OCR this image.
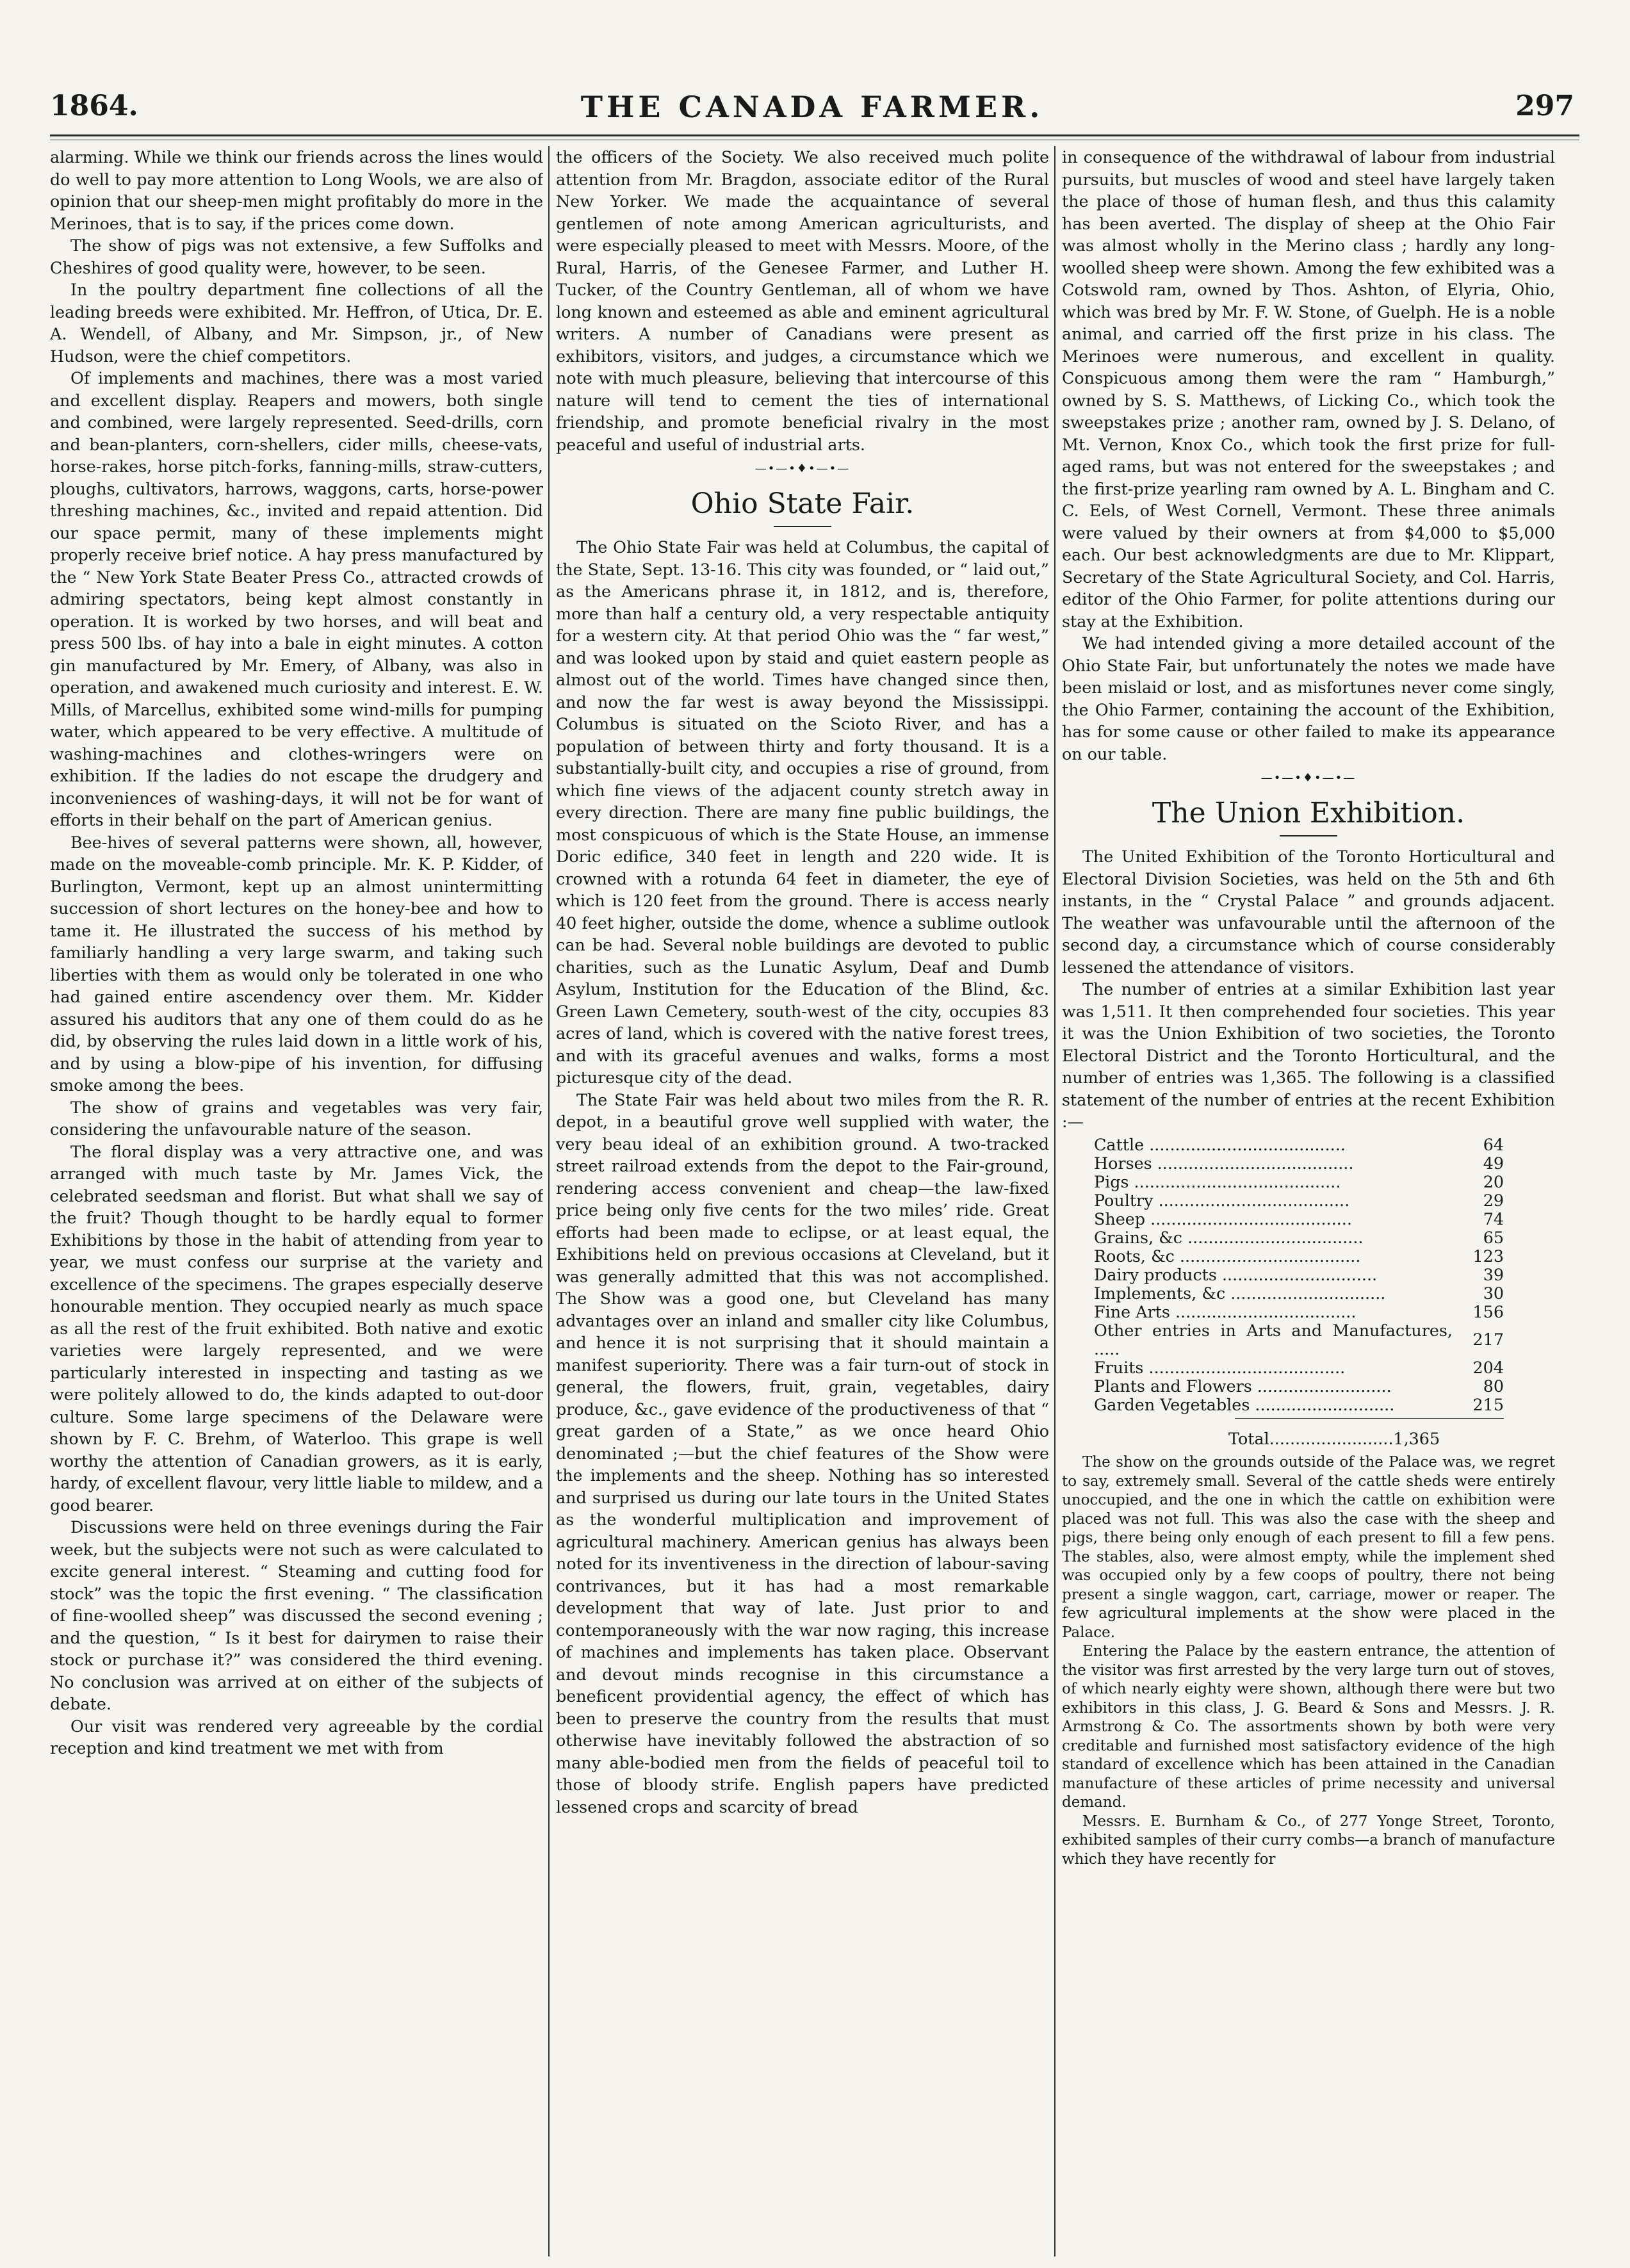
1864.	THE CANADA FARMER.	297

alarming. While we think our friends across the lines would do well to pay more attention to Long Wools, we are also of opinion that our sheep-men might profitably do more in the Merinoes, that is to say, if the prices come down.

The show of pigs was not extensive, a few Suffolks and Cheshires of good quality were, however, to be seen.

In the poultry department fine collections of all the leading breeds were exhibited. Mr. Heffron, of Utica, Dr. E. A. Wendell, of Albany, and Mr. Simpson, jr., of New Hudson, were the chief competitors.

Of implements and machines, there was a most varied and excellent display. Reapers and mowers, both single and combined, were largely represented. Seed-drills, corn and bean-planters, corn-shellers, cider mills, cheese-vats, horse-rakes, horse pitch-forks, fanning-mills, straw-cutters, ploughs, cultivators, harrows, waggons, carts, horse-power threshing machines, &c., invited and repaid attention. Did our space permit, many of these implements might properly receive brief notice. A hay press manufactured by the “ New York State Beater Press Co., attracted crowds of admiring spectators, being kept almost constantly in operation. It is worked by two horses, and will beat and press 500 lbs. of hay into a bale in eight minutes. A cotton gin manufactured by Mr. Emery, of Albany, was also in operation, and awakened much curiosity and interest. E. W. Mills, of Marcellus, exhibited some wind-mills for pumping water, which appeared to be very effective. A multitude of washing-machines and clothes-wringers were on exhibition. If the ladies do not escape the drudgery and inconveniences of washing-days, it will not be for want of efforts in their behalf on the part of American genius.

Bee-hives of several patterns were shown, all, however, made on the moveable-comb principle. Mr. K. P. Kidder, of Burlington, Vermont, kept up an almost unintermitting succession of short lectures on the honey-bee and how to tame it. He illustrated the success of his method by familiarly handling a very large swarm, and taking such liberties with them as would only be tolerated in one who had gained entire ascendency over them. Mr. Kidder assured his auditors that any one of them could do as he did, by observing the rules laid down in a little work of his, and by using a blow-pipe of his invention, for diffusing smoke among the bees.

The show of grains and vegetables was very fair, considering the unfavourable nature of the season.

The floral display was a very attractive one, and was arranged with much taste by Mr. James Vick, the celebrated seedsman and florist. But what shall we say of the fruit? Though thought to be hardly equal to former Exhibitions by those in the habit of attending from year to year, we must confess our surprise at the variety and excellence of the specimens. The grapes especially deserve honourable mention. They occupied nearly as much space as all the rest of the fruit exhibited. Both native and exotic varieties were largely represented, and we were particularly interested in inspecting and tasting as we were politely allowed to do, the kinds adapted to out-door culture. Some large specimens of the Delaware were shown by F. C. Brehm, of Waterloo. This grape is well worthy the attention of Canadian growers, as it is early, hardy, of excellent flavour, very little liable to mildew, and a good bearer.

Discussions were held on three evenings during the Fair week, but the subjects were not such as were calculated to excite general interest. “ Steaming and cutting food for stock” was the topic the first evening. “ The classification of fine-woolled sheep” was discussed the second evening ; and the question, “ Is it best for dairymen to raise their stock or purchase it?” was considered the third evening. No conclusion was arrived at on either of the subjects of debate.

Our visit was rendered very agreeable by the cordial reception and kind treatment we met with from

the officers of the Society. We also received much polite attention from Mr. Bragdon, associate editor of the Rural New Yorker. We made the acquaintance of several gentlemen of note among American agriculturists, and were especially pleased to meet with Messrs. Moore, of the Rural, Harris, of the Genesee Farmer, and Luther H. Tucker, of the Country Gentleman, all of whom we have long known and esteemed as able and eminent agricultural writers. A number of Canadians were present as exhibitors, visitors, and judges, a circumstance which we note with much pleasure, believing that intercourse of this nature will tend to cement the ties of international friendship, and promote beneficial rivalry in the most peaceful and useful of industrial arts.

—•—•♦•—•—
Ohio State Fair.

The Ohio State Fair was held at Columbus, the capital of the State, Sept. 13-16. This city was founded, or “ laid out,” as the Americans phrase it, in 1812, and is, therefore, more than half a century old, a very respectable antiquity for a western city. At that period Ohio was the “ far west,” and was looked upon by staid and quiet eastern people as almost out of the world. Times have changed since then, and now the far west is away beyond the Mississippi. Columbus is situated on the Scioto River, and has a population of between thirty and forty thousand. It is a substantially-built city, and occupies a rise of ground, from which fine views of the adjacent county stretch away in every direction. There are many fine public buildings, the most conspicuous of which is the State House, an immense Doric edifice, 340 feet in length and 220 wide. It is crowned with a rotunda 64 feet in diameter, the eye of which is 120 feet from the ground. There is access nearly 40 feet higher, outside the dome, whence a sublime outlook can be had. Several noble buildings are devoted to public charities, such as the Lunatic Asylum, Deaf and Dumb Asylum, Institution for the Education of the Blind, &c. Green Lawn Cemetery, south-west of the city, occupies 83 acres of land, which is covered with the native forest trees, and with its graceful avenues and walks, forms a most picturesque city of the dead.

The State Fair was held about two miles from the R. R. depot, in a beautiful grove well supplied with water, the very beau ideal of an exhibition ground. A two-tracked street railroad extends from the depot to the Fair-ground, rendering access convenient and cheap—the law-fixed price being only five cents for the two miles’ ride. Great efforts had been made to eclipse, or at least equal, the Exhibitions held on previous occasions at Cleveland, but it was generally admitted that this was not accomplished. The Show was a good one, but Cleveland has many advantages over an inland and smaller city like Columbus, and hence it is not surprising that it should maintain a manifest superiority. There was a fair turn-out of stock in general, the flowers, fruit, grain, vegetables, dairy produce, &c., gave evidence of the productiveness of that “ great garden of a State,” as we once heard Ohio denominated ;—but the chief features of the Show were the implements and the sheep. Nothing has so interested and surprised us during our late tours in the United States as the wonderful multiplication and improvement of agricultural machinery. American genius has always been noted for its inventiveness in the direction of labour-saving contrivances, but it has had a most remarkable development that way of late. Just prior to and contemporaneously with the war now raging, this increase of machines and implements has taken place. Observant and devout minds recognise in this circumstance a beneficent providential agency, the effect of which has been to preserve the country from the results that must otherwise have inevitably followed the abstraction of so many able-bodied men from the fields of peaceful toil to those of bloody strife. English papers have predicted lessened crops and scarcity of bread

in consequence of the withdrawal of labour from industrial pursuits, but muscles of wood and steel have largely taken the place of those of human flesh, and thus this calamity has been averted. The display of sheep at the Ohio Fair was almost wholly in the Merino class ; hardly any long-woolled sheep were shown. Among the few exhibited was a Cotswold ram, owned by Thos. Ashton, of Elyria, Ohio, which was bred by Mr. F. W. Stone, of Guelph. He is a noble animal, and carried off the first prize in his class. The Merinoes were numerous, and excellent in quality. Conspicuous among them were the ram “ Hamburgh,” owned by S. S. Matthews, of Licking Co., which took the sweepstakes prize ; another ram, owned by J. S. Delano, of Mt. Vernon, Knox Co., which took the first prize for full-aged rams, but was not entered for the sweepstakes ; and the first-prize yearling ram owned by A. L. Bingham and C. C. Eels, of West Cornell, Vermont. These three animals were valued by their owners at from $4,000 to $5,000 each. Our best acknowledgments are due to Mr. Klippart, Secretary of the State Agricultural Society, and Col. Harris, editor of the Ohio Farmer, for polite attentions during our stay at the Exhibition.

We had intended giving a more detailed account of the Ohio State Fair, but unfortunately the notes we made have been mislaid or lost, and as misfortunes never come singly, the Ohio Farmer, containing the account of the Exhibition, has for some cause or other failed to make its appearance on our table.

—•—•♦•—•—
The Union Exhibition.

The United Exhibition of the Toronto Horticultural and Electoral Division Societies, was held on the 5th and 6th instants, in the “ Crystal Palace ” and grounds adjacent. The weather was unfavourable until the afternoon of the second day, a circumstance which of course considerably lessened the attendance of visitors.

The number of entries at a similar Exhibition last year was 1,511. It then comprehended four societies. This year it was the Union Exhibition of two societies, the Toronto Electoral District and the Toronto Horticultural, and the number of entries was 1,365. The following is a classified statement of the number of entries at the recent Exhibition :—

Cattle ......................................	64
Horses ......................................	49
Pigs ........................................	20
Poultry .....................................	29
Sheep .......................................	74
Grains, &c ..................................	65
Roots, &c ...................................	123
Dairy products ..............................	39
Implements, &c ..............................	30
Fine Arts ...................................	156
Other entries in Arts and Manufactures, .....	217
Fruits ......................................	204
Plants and Flowers ..........................	80
Garden Vegetables ...........................	215
Total........................1,365

The show on the grounds outside of the Palace was, we regret to say, extremely small. Several of the cattle sheds were entirely unoccupied, and the one in which the cattle on exhibition were placed was not full. This was also the case with the sheep and pigs, there being only enough of each present to fill a few pens. The stables, also, were almost empty, while the implement shed was occupied only by a few coops of poultry, there not being present a single waggon, cart, carriage, mower or reaper. The few agricultural implements at the show were placed in the Palace.

Entering the Palace by the eastern entrance, the attention of the visitor was first arrested by the very large turn out of stoves, of which nearly eighty were shown, although there were but two exhibitors in this class, J. G. Beard & Sons and Messrs. J. R. Armstrong & Co. The assortments shown by both were very creditable and furnished most satisfactory evidence of the high standard of excellence which has been attained in the Canadian manufacture of these articles of prime necessity and universal demand.

Messrs. E. Burnham & Co., of 277 Yonge Street, Toronto, exhibited samples of their curry combs—a branch of manufacture which they have recently for
